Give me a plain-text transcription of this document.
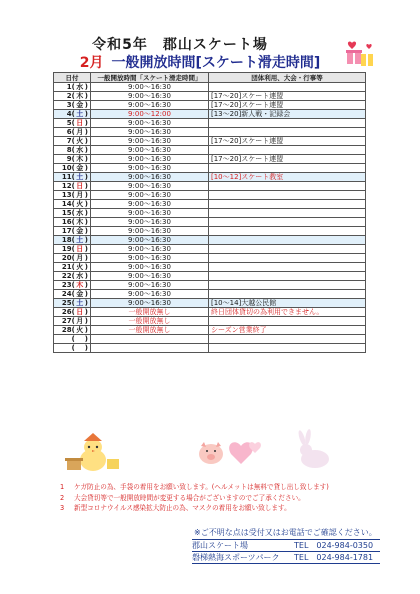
令和5年　郡山スケート場
2月 一般開放時間[スケート滑走時間]
日付	一般開放時間「スケート滑走時間」	団体利用、大会・行事等
1( 水 )	9:00～16:30	
2( 木 )	9:00～16:30	[17～20]スケート連盟
3( 金 )	9:00～16:30	[17～20]スケート連盟
4( 土 )	9:00～12:00	[13～20]新人戦・記録会
5( 日 )	9:00～16:30	
6( 月 )	9:00～16:30	
7( 火 )	9:00～16:30	[17～20]スケート連盟
8( 水 )	9:00～16:30	
9( 木 )	9:00～16:30	[17～20]スケート連盟
10( 金 )	9:00～16:30	
11( 土 )	9:00～16:30	[10～12]スケート教室
12( 日 )	9:00～16:30	
13( 月 )	9:00～16:30	
14( 火 )	9:00～16:30	
15( 水 )	9:00～16:30	
16( 木 )	9:00～16:30	
17( 金 )	9:00～16:30	
18( 土 )	9:00～16:30	
19( 日 )	9:00～16:30	
20( 月 )	9:00～16:30	
21( 火 )	9:00～16:30	
22( 水 )	9:00～16:30	
23( 木 )	9:00～16:30	
24( 金 )	9:00～16:30	
25( 土 )	9:00～16:30	[10～14]大越公民館
26( 日 )	一般開放無し	終日団体貸切の為利用できません。
27( 月 )	一般開放無し	
28( 火 )	一般開放無し	シーズン営業終了
( )		
( )		
1	ケガ防止の為、手袋の着用をお願い致します。(ヘルメットは無料で貸し出し致します)
2	大会貸切等で一般開放時間が変更する場合がございますのでご了承ください。
3	新型コロナウイルス感染拡大防止の為、マスクの着用をお願い致します。
※ご不明な点は受付又はお電話でご確認ください。
郡山スケート場	TEL　024-984-0350
磐梯熱海スポーツパーク	TEL　024-984-1781
